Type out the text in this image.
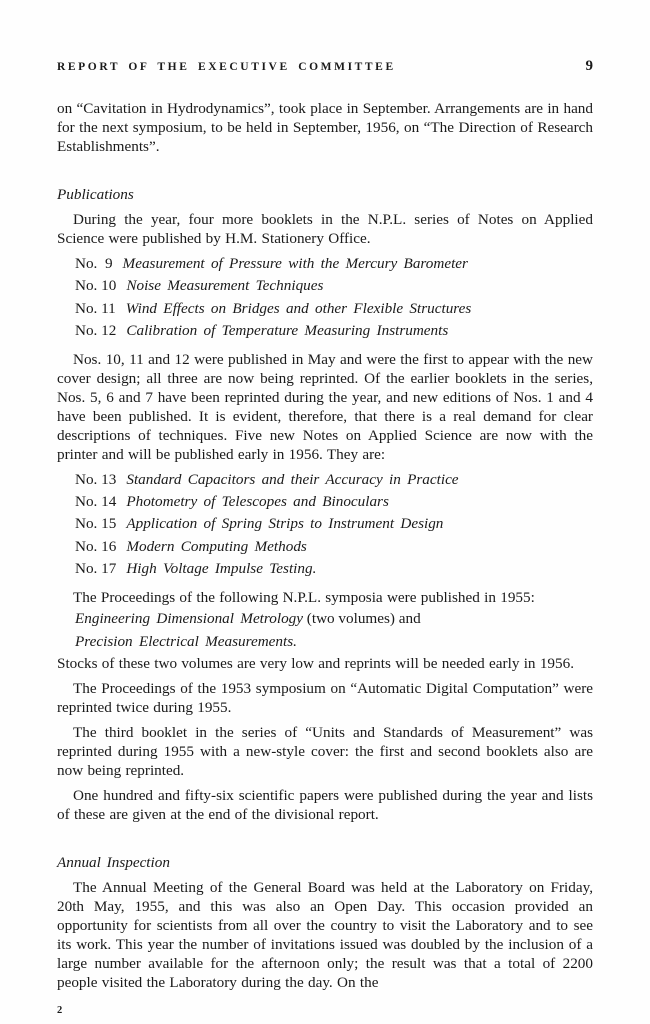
REPORT OF THE EXECUTIVE COMMITTEE	9

on “Cavitation in Hydrodynamics”, took place in September. Arrangements are in hand for the next symposium, to be held in September, 1956, on “The Direction of Research Establishments”.

Publications

During the year, four more booklets in the N.P.L. series of Notes on Applied Science were published by H.M. Stationery Office.

No.  9 Measurement of Pressure with the Mercury Barometer
No. 10 Noise Measurement Techniques
No. 11 Wind Effects on Bridges and other Flexible Structures
No. 12 Calibration of Temperature Measuring Instruments

Nos. 10, 11 and 12 were published in May and were the first to appear with the new cover design; all three are now being reprinted. Of the earlier booklets in the series, Nos. 5, 6 and 7 have been reprinted during the year, and new editions of Nos. 1 and 4 have been published. It is evident, therefore, that there is a real demand for clear descriptions of techniques. Five new Notes on Applied Science are now with the printer and will be published early in 1956. They are:

No. 13 Standard Capacitors and their Accuracy in Practice
No. 14 Photometry of Telescopes and Binoculars
No. 15 Application of Spring Strips to Instrument Design
No. 16 Modern Computing Methods
No. 17 High Voltage Impulse Testing.

The Proceedings of the following N.P.L. symposia were published in 1955:

Engineering Dimensional Metrology (two volumes) and
Precision Electrical Measurements.

Stocks of these two volumes are very low and reprints will be needed early in 1956.

The Proceedings of the 1953 symposium on “Automatic Digital Computation” were reprinted twice during 1955.

The third booklet in the series of “Units and Standards of Measurement” was reprinted during 1955 with a new-style cover: the first and second booklets also are now being reprinted.

One hundred and fifty-six scientific papers were published during the year and lists of these are given at the end of the divisional report.

Annual Inspection

The Annual Meeting of the General Board was held at the Laboratory on Friday, 20th May, 1955, and this was also an Open Day. This occasion provided an opportunity for scientists from all over the country to visit the Laboratory and to see its work. This year the number of invitations issued was doubled by the inclusion of a large number available for the afternoon only; the result was that a total of 2200 people visited the Laboratory during the day. On the

2
